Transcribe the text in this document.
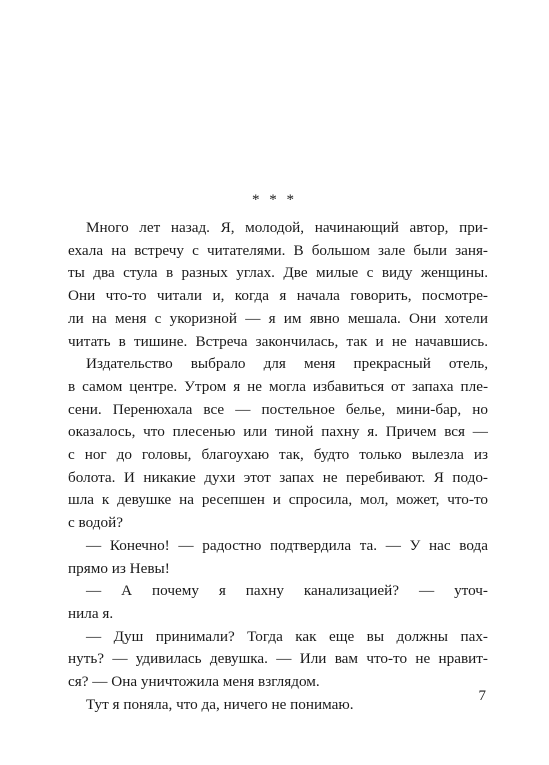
* * *
Много лет назад. Я, молодой, начинающий автор, при-
ехала на встречу с читателями. В большом зале были заня-
ты два стула в разных углах. Две милые с виду женщины.
Они что-то читали и, когда я начала говорить, посмотре-
ли на меня с укоризной — я им явно мешала. Они хотели
читать в тишине. Встреча закончилась, так и не начавшись.
Издательство выбрало для меня прекрасный отель,
в самом центре. Утром я не могла избавиться от запаха пле-
сени. Перенюхала все — постельное белье, мини-бар, но
оказалось, что плесенью или тиной пахну я. Причем вся —
с ног до головы, благоухаю так, будто только вылезла из
болота. И никакие духи этот запах не перебивают. Я подо-
шла к девушке на ресепшен и спросила, мол, может, что-то
с водой?
— Конечно! — радостно подтвердила та. — У нас вода
прямо из Невы!
— А почему я пахну канализацией? — уточ-
нила я.
— Душ принимали? Тогда как еще вы должны пах-
нуть? — удивилась девушка. — Или вам что-то не нравит-
ся? — Она уничтожила меня взглядом.
Тут я поняла, что да, ничего не понимаю.	7
